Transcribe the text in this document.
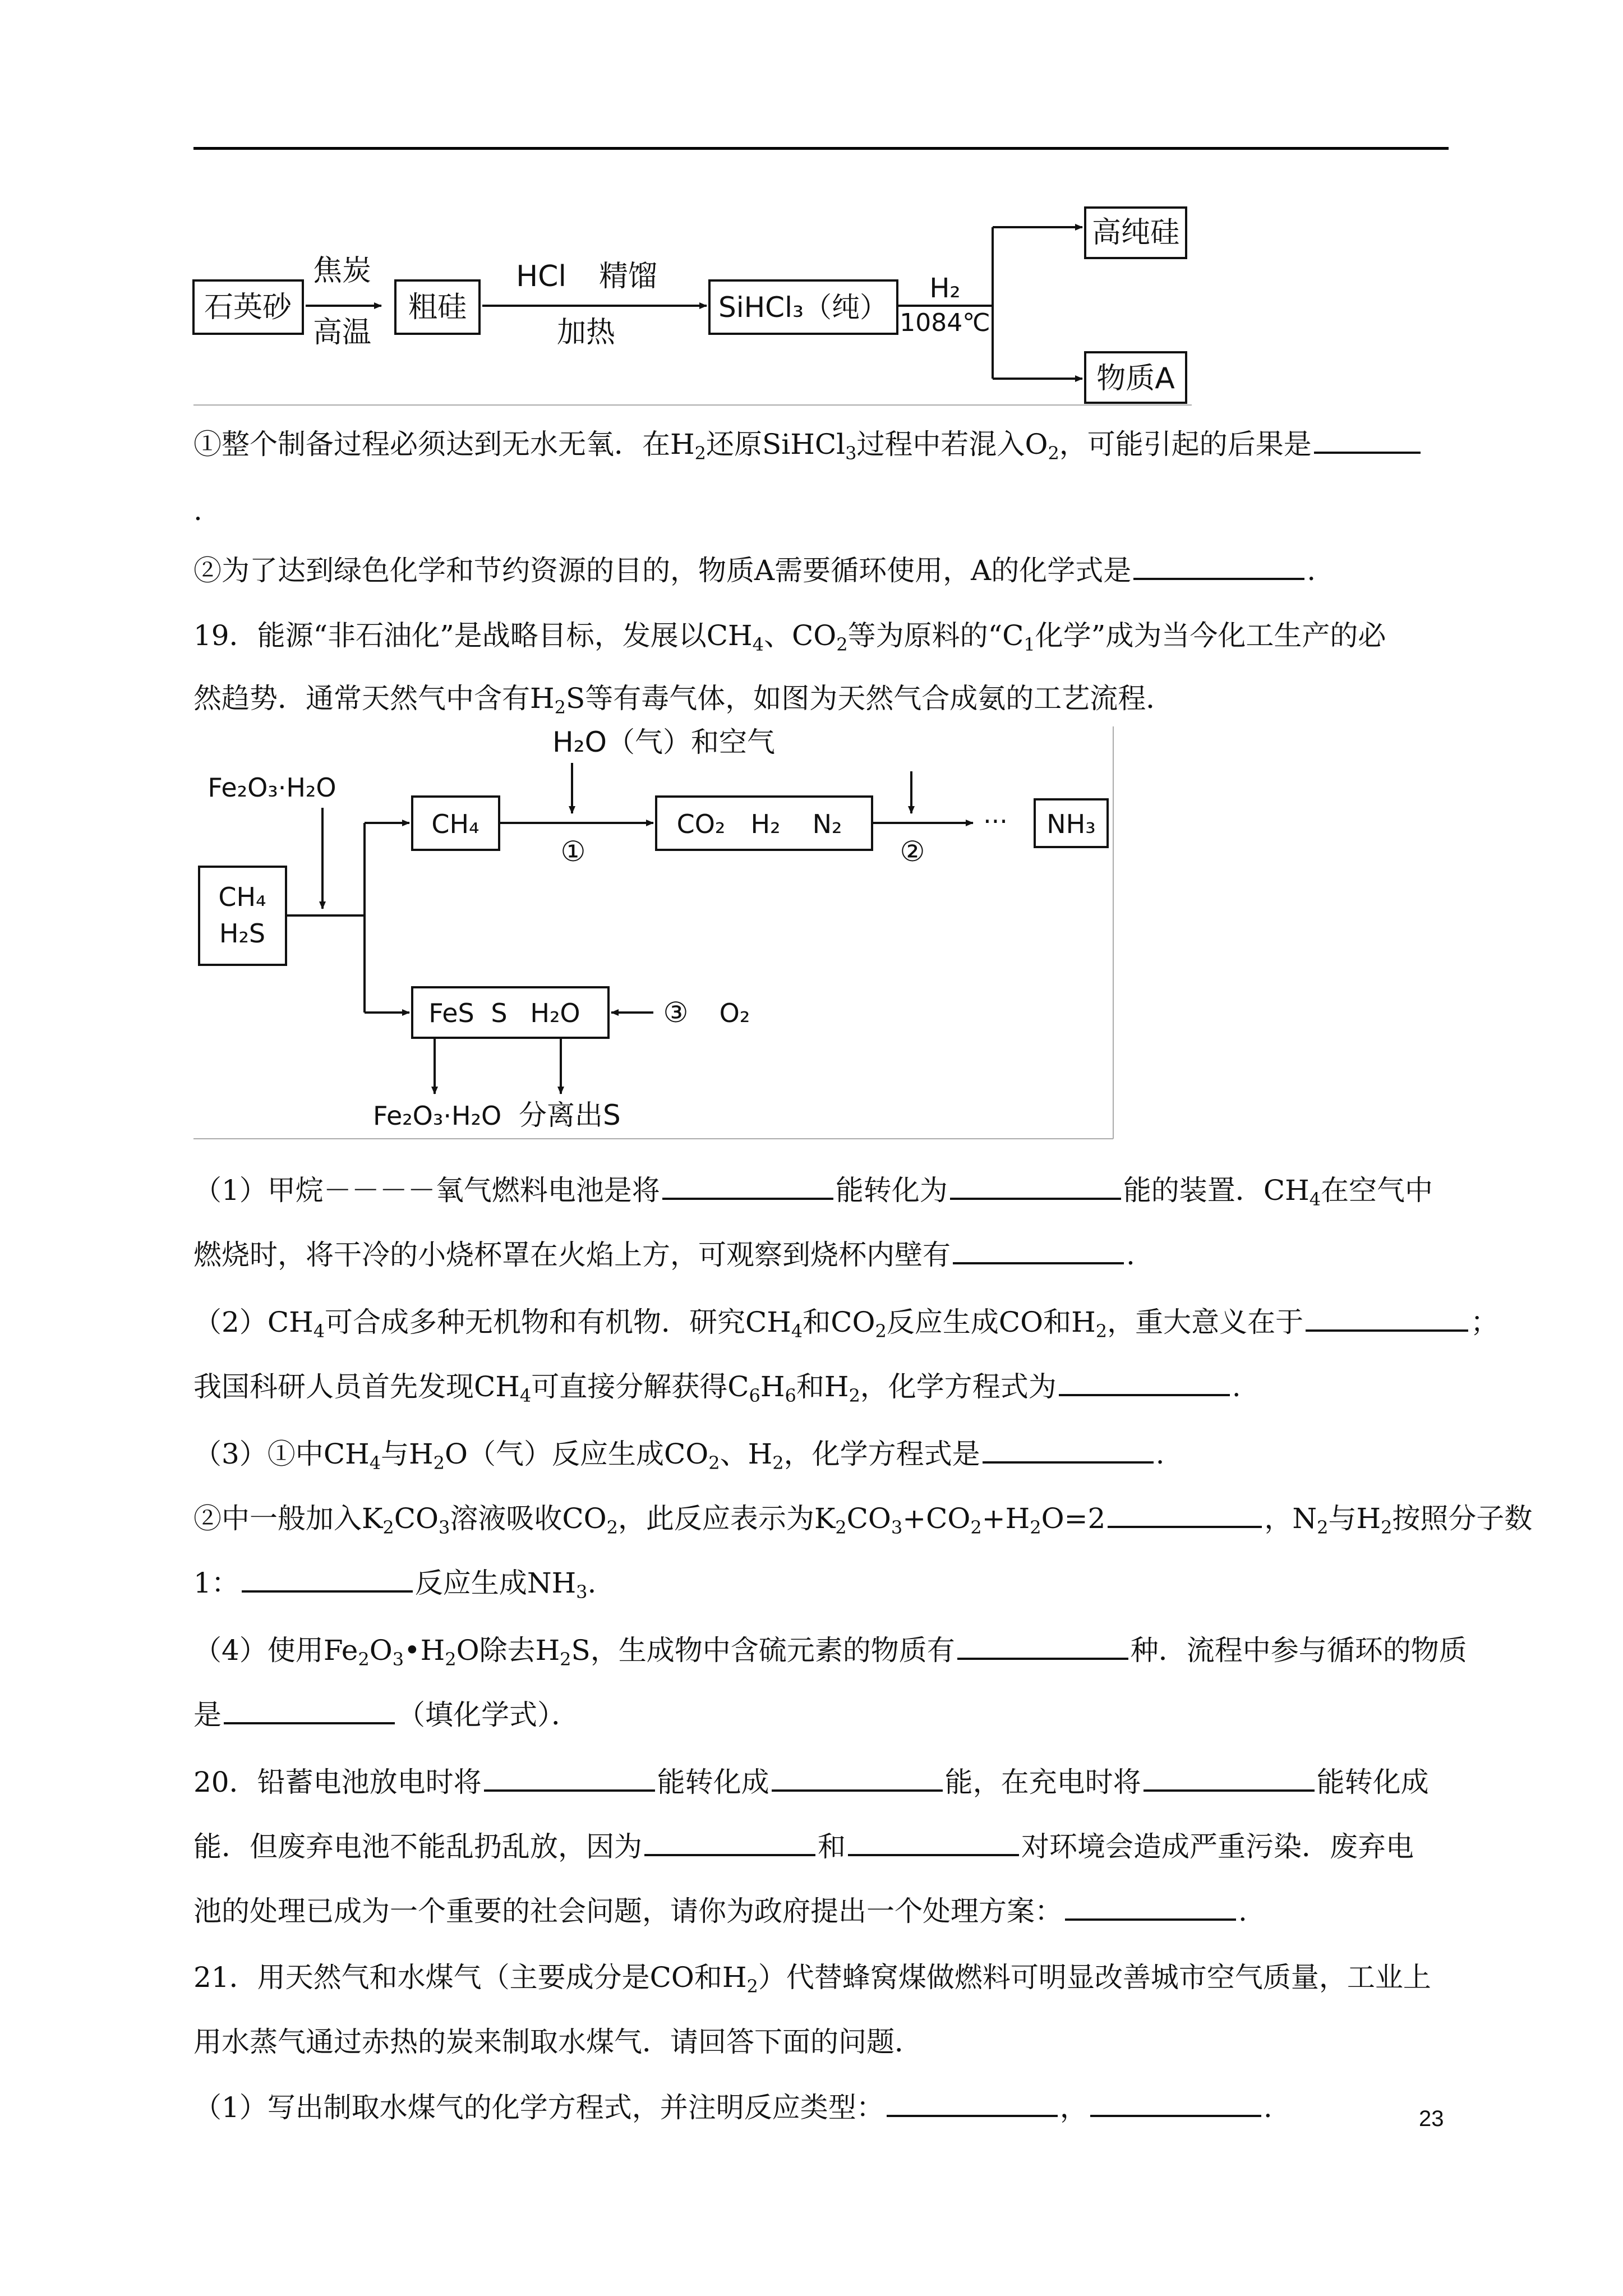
石英砂
焦炭
高温
粗硅
HCl 精馏
加热
SiHCl₃（纯）
H₂
1084℃
高纯硅
物质A
①整个制备过程必须达到无水无氧．在$H_2$还原SiHCl$_3$过程中若混入$O_2$，可能引起的后果是
.
②为了达到绿色化学和节约资源的目的，物质A需要循环使用，A的化学式是	.
19．能源“非石油化”是战略目标，发展以$CH_4$、$CO_2$等为原料的“$C_1$化学”成为当今化工生产的必
然趋势．通常天然气中含有$H_2S$等有毒气体，如图为天然气合成氨的工艺流程．
Fe₂O₃·H₂O
CH₄
H₂S
CH₄
H₂O（气）和空气
①
CO₂ H₂ N₂
②
··· NH₃
FeS S H₂O	③ O₂
Fe₂O₃·H₂O 分离出S
（1）甲烷－－－－氧气燃料电池是将	能转化为	能的装置．$CH_4$在空气中
燃烧时，将干冷的小烧杯罩在火焰上方，可观察到烧杯内壁有	.
$(2)CH_4$可合成多种无机物和有机物．研究$CH_4$和$CO_2$反应生成CO和$H_2$，重大意义在于	；
我国科研人员首先发现$CH_4$可直接分解获得$C_6H_6$和$H_2$，化学方程式为	.
（3）①中$CH_4$与$H_2O$（气）反应生成$CO_2$、$H_2$，化学方程式是	.
②中一般加入$K_2CO_3$溶液吸收$CO_2$，此反应表示为$K_2CO_3+CO_2+H_2O=2$	，$N_2$与$H_2$按照分子数
1：	反应生成$NH_3$.
（4）使用$Fe_2O_3•H_2O$除去$H_2S$，生成物中含硫元素的物质有	种．流程中参与循环的物质
是	（填化学式）．
20．铅蓄电池放电时将	能转化成	能，在充电时将	能转化成
能．但废弃电池不能乱扔乱放，因为	和	对环境会造成严重污染．废弃电
池的处理已成为一个重要的社会问题，请你为政府提出一个处理方案：	.
21．用天然气和水煤气（主要成分是CO和$H_2$）代替蜂窝煤做燃料可明显改善城市空气质量，工业上
用水蒸气通过赤热的炭来制取水煤气．请回答下面的问题．
（1）写出制取水煤气的化学方程式，并注明反应类型：	，	.	23
